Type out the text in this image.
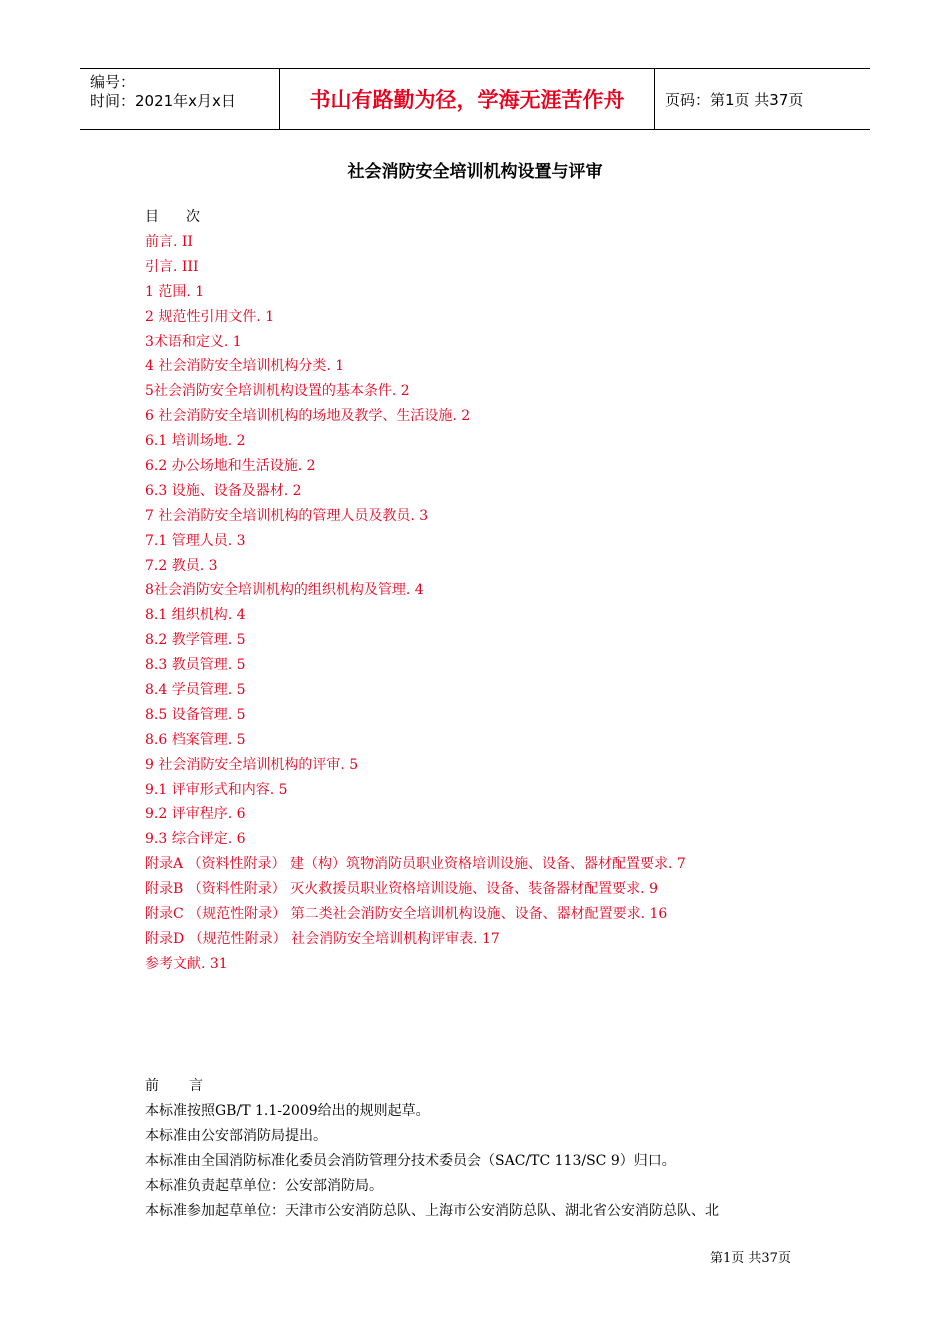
编号：
时间：2021年x月x日	书山有路勤为径，学海无涯苦作舟	页码：第1页 共37页
社会消防安全培训机构设置与评审
目 次
前言. II
引言. III
1 范围. 1
2 规范性引用文件. 1
3术语和定义. 1
4 社会消防安全培训机构分类. 1
5社会消防安全培训机构设置的基本条件. 2
6 社会消防安全培训机构的场地及教学、生活设施. 2
6.1 培训场地. 2
6.2 办公场地和生活设施. 2
6.3 设施、设备及器材. 2
7 社会消防安全培训机构的管理人员及教员. 3
7.1 管理人员. 3
7.2 教员. 3
8社会消防安全培训机构的组织机构及管理. 4
8.1 组织机构. 4
8.2 教学管理. 5
8.3 教员管理. 5
8.4 学员管理. 5
8.5 设备管理. 5
8.6 档案管理. 5
9 社会消防安全培训机构的评审. 5
9.1 评审形式和内容. 5
9.2 评审程序. 6
9.3 综合评定. 6
附录A （资料性附录） 建（构）筑物消防员职业资格培训设施、设备、器材配置要求. 7
附录B （资料性附录） 灭火救援员职业资格培训设施、设备、装备器材配置要求. 9
附录C （规范性附录） 第二类社会消防安全培训机构设施、设备、器材配置要求. 16
附录D （规范性附录） 社会消防安全培训机构评审表. 17
参考文献. 31
前 言
本标准按照GB/T 1.1-2009给出的规则起草。
本标准由公安部消防局提出。
本标准由全国消防标准化委员会消防管理分技术委员会（SAC/TC 113/SC 9）归口。
本标准负责起草单位：公安部消防局。
本标准参加起草单位：天津市公安消防总队、上海市公安消防总队、湖北省公安消防总队、北
第1页 共37页
